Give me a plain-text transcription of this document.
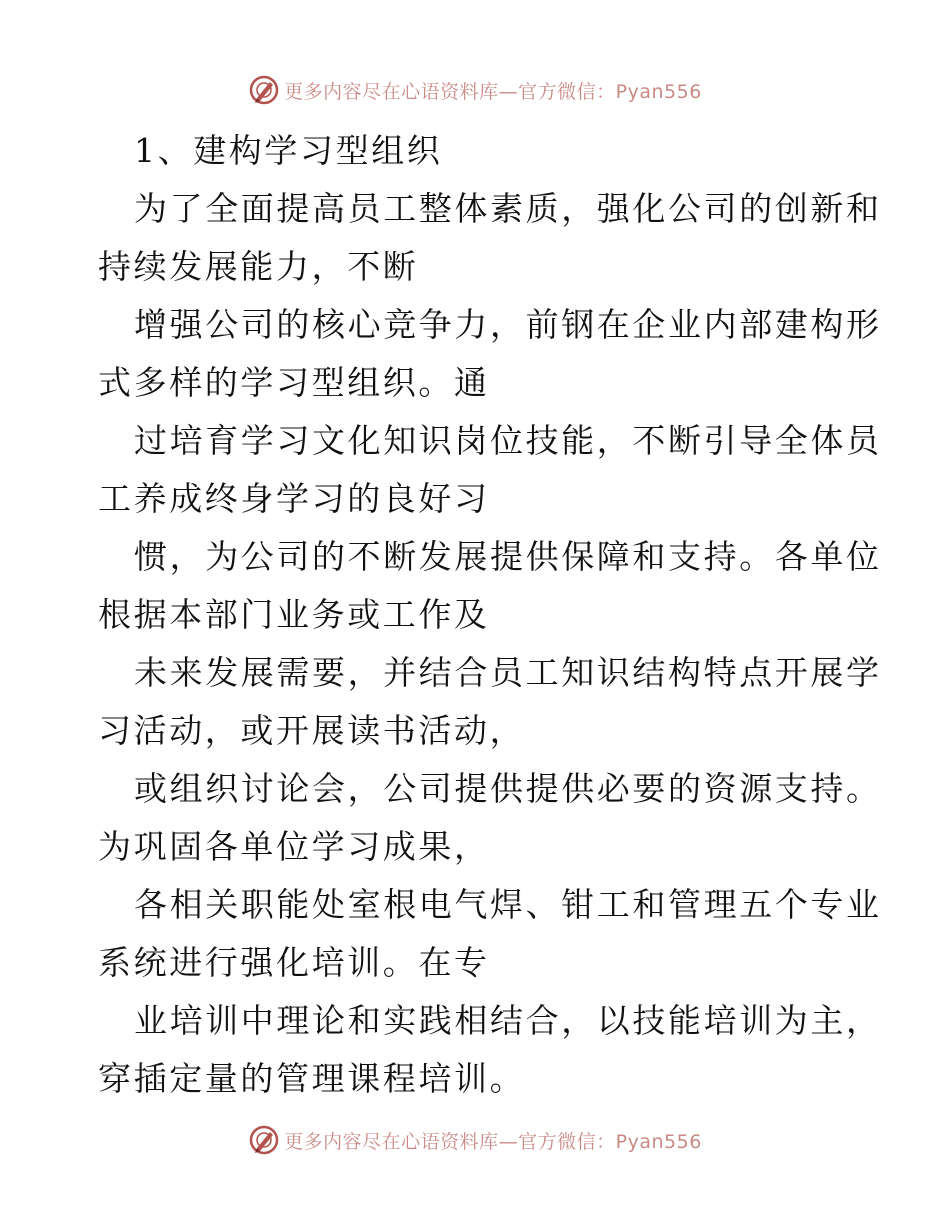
更多内容尽在心语资料库—官方微信：Pyan556

1、建构学习型组织

为了全面提高员工整体素质，强化公司的创新和

持续发展能力，不断

增强公司的核心竞争力，前钢在企业内部建构形

式多样的学习型组织。通

过培育学习文化知识岗位技能，不断引导全体员

工养成终身学习的良好习

惯，为公司的不断发展提供保障和支持。各单位

根据本部门业务或工作及

未来发展需要，并结合员工知识结构特点开展学

习活动，或开展读书活动，

或组织讨论会，公司提供提供必要的资源支持。

为巩固各单位学习成果，

各相关职能处室根电气焊、钳工和管理五个专业

系统进行强化培训。在专

业培训中理论和实践相结合，以技能培训为主，

穿插定量的管理课程培训。

更多内容尽在心语资料库—官方微信：Pyan556
